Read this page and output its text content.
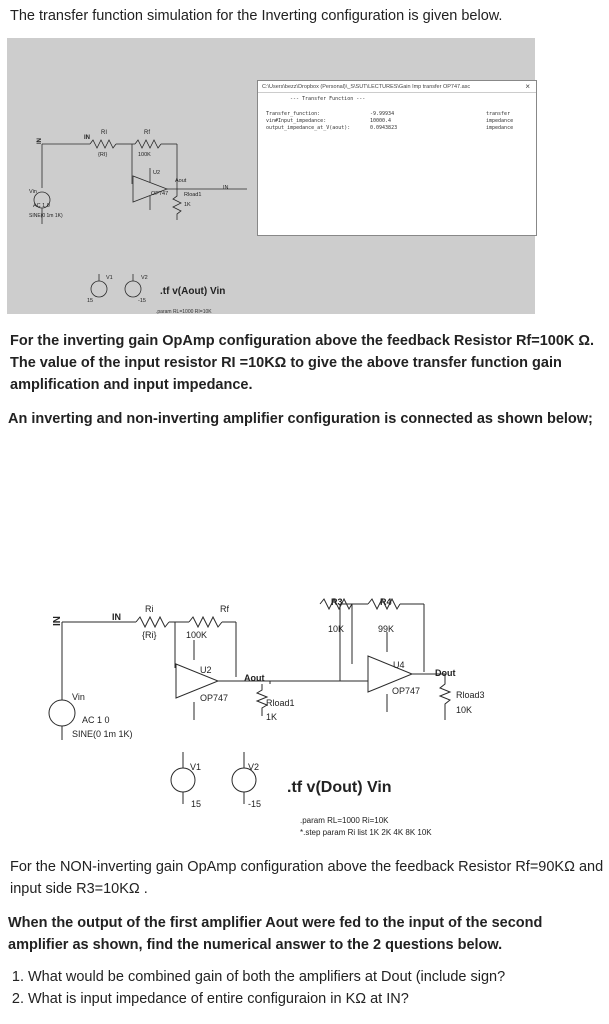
The transfer function simulation for the Inverting configuration is given below.
IN	IN
RI
{RI}
Rf
100K
U2
OP747
Aout
IN
Rload1
1K
Vin
AC 1 0
SINE(0 1m 1K)
V1
15
V2
-15
.tf v(Aout) Vin
.param RL=1000 RI=10K
C:\Users\bezz\Dropbox (Personal)\_S\SUT\LECTURES\Gain Imp transfer OP747.asc	×
--- Transfer Function ---
Transfer_function:	-9.99934	transfer
vin#Input_impedance:	10000.4	impedance
output_impedance_at_V(aout):	0.0943823	impedance
For the inverting gain OpAmp configuration above the feedback Resistor Rf=100K Ω. The value of the input resistor RI =10KΩ to give the above transfer function gain amplification and input impedance.
An inverting and non-inverting amplifier configuration is connected as shown below;
IN	IN
Ri
{Ri}
Rf
100K
U2
OP747
Aout
Rload1
1K
Vin
AC 1 0
SINE(0 1m 1K)
V1
15
V2
-15
R3
10K
R4
99K
U4
OP747
Dout
Rload3
10K
.tf v(Dout) Vin
.param RL=1000 Ri=10K
*.step param Ri list 1K 2K 4K 8K 10K
For the NON-inverting gain OpAmp configuration above the feedback Resistor Rf=90KΩ and input side R3=10KΩ .
When the output of the first amplifier Aout were fed to the input of the second amplifier as shown, find the numerical answer to the 2 questions below.
1. What would be combined gain of both the amplifiers at Dout (include sign?
2. What is input impedance of entire configuraion in KΩ at IN?
